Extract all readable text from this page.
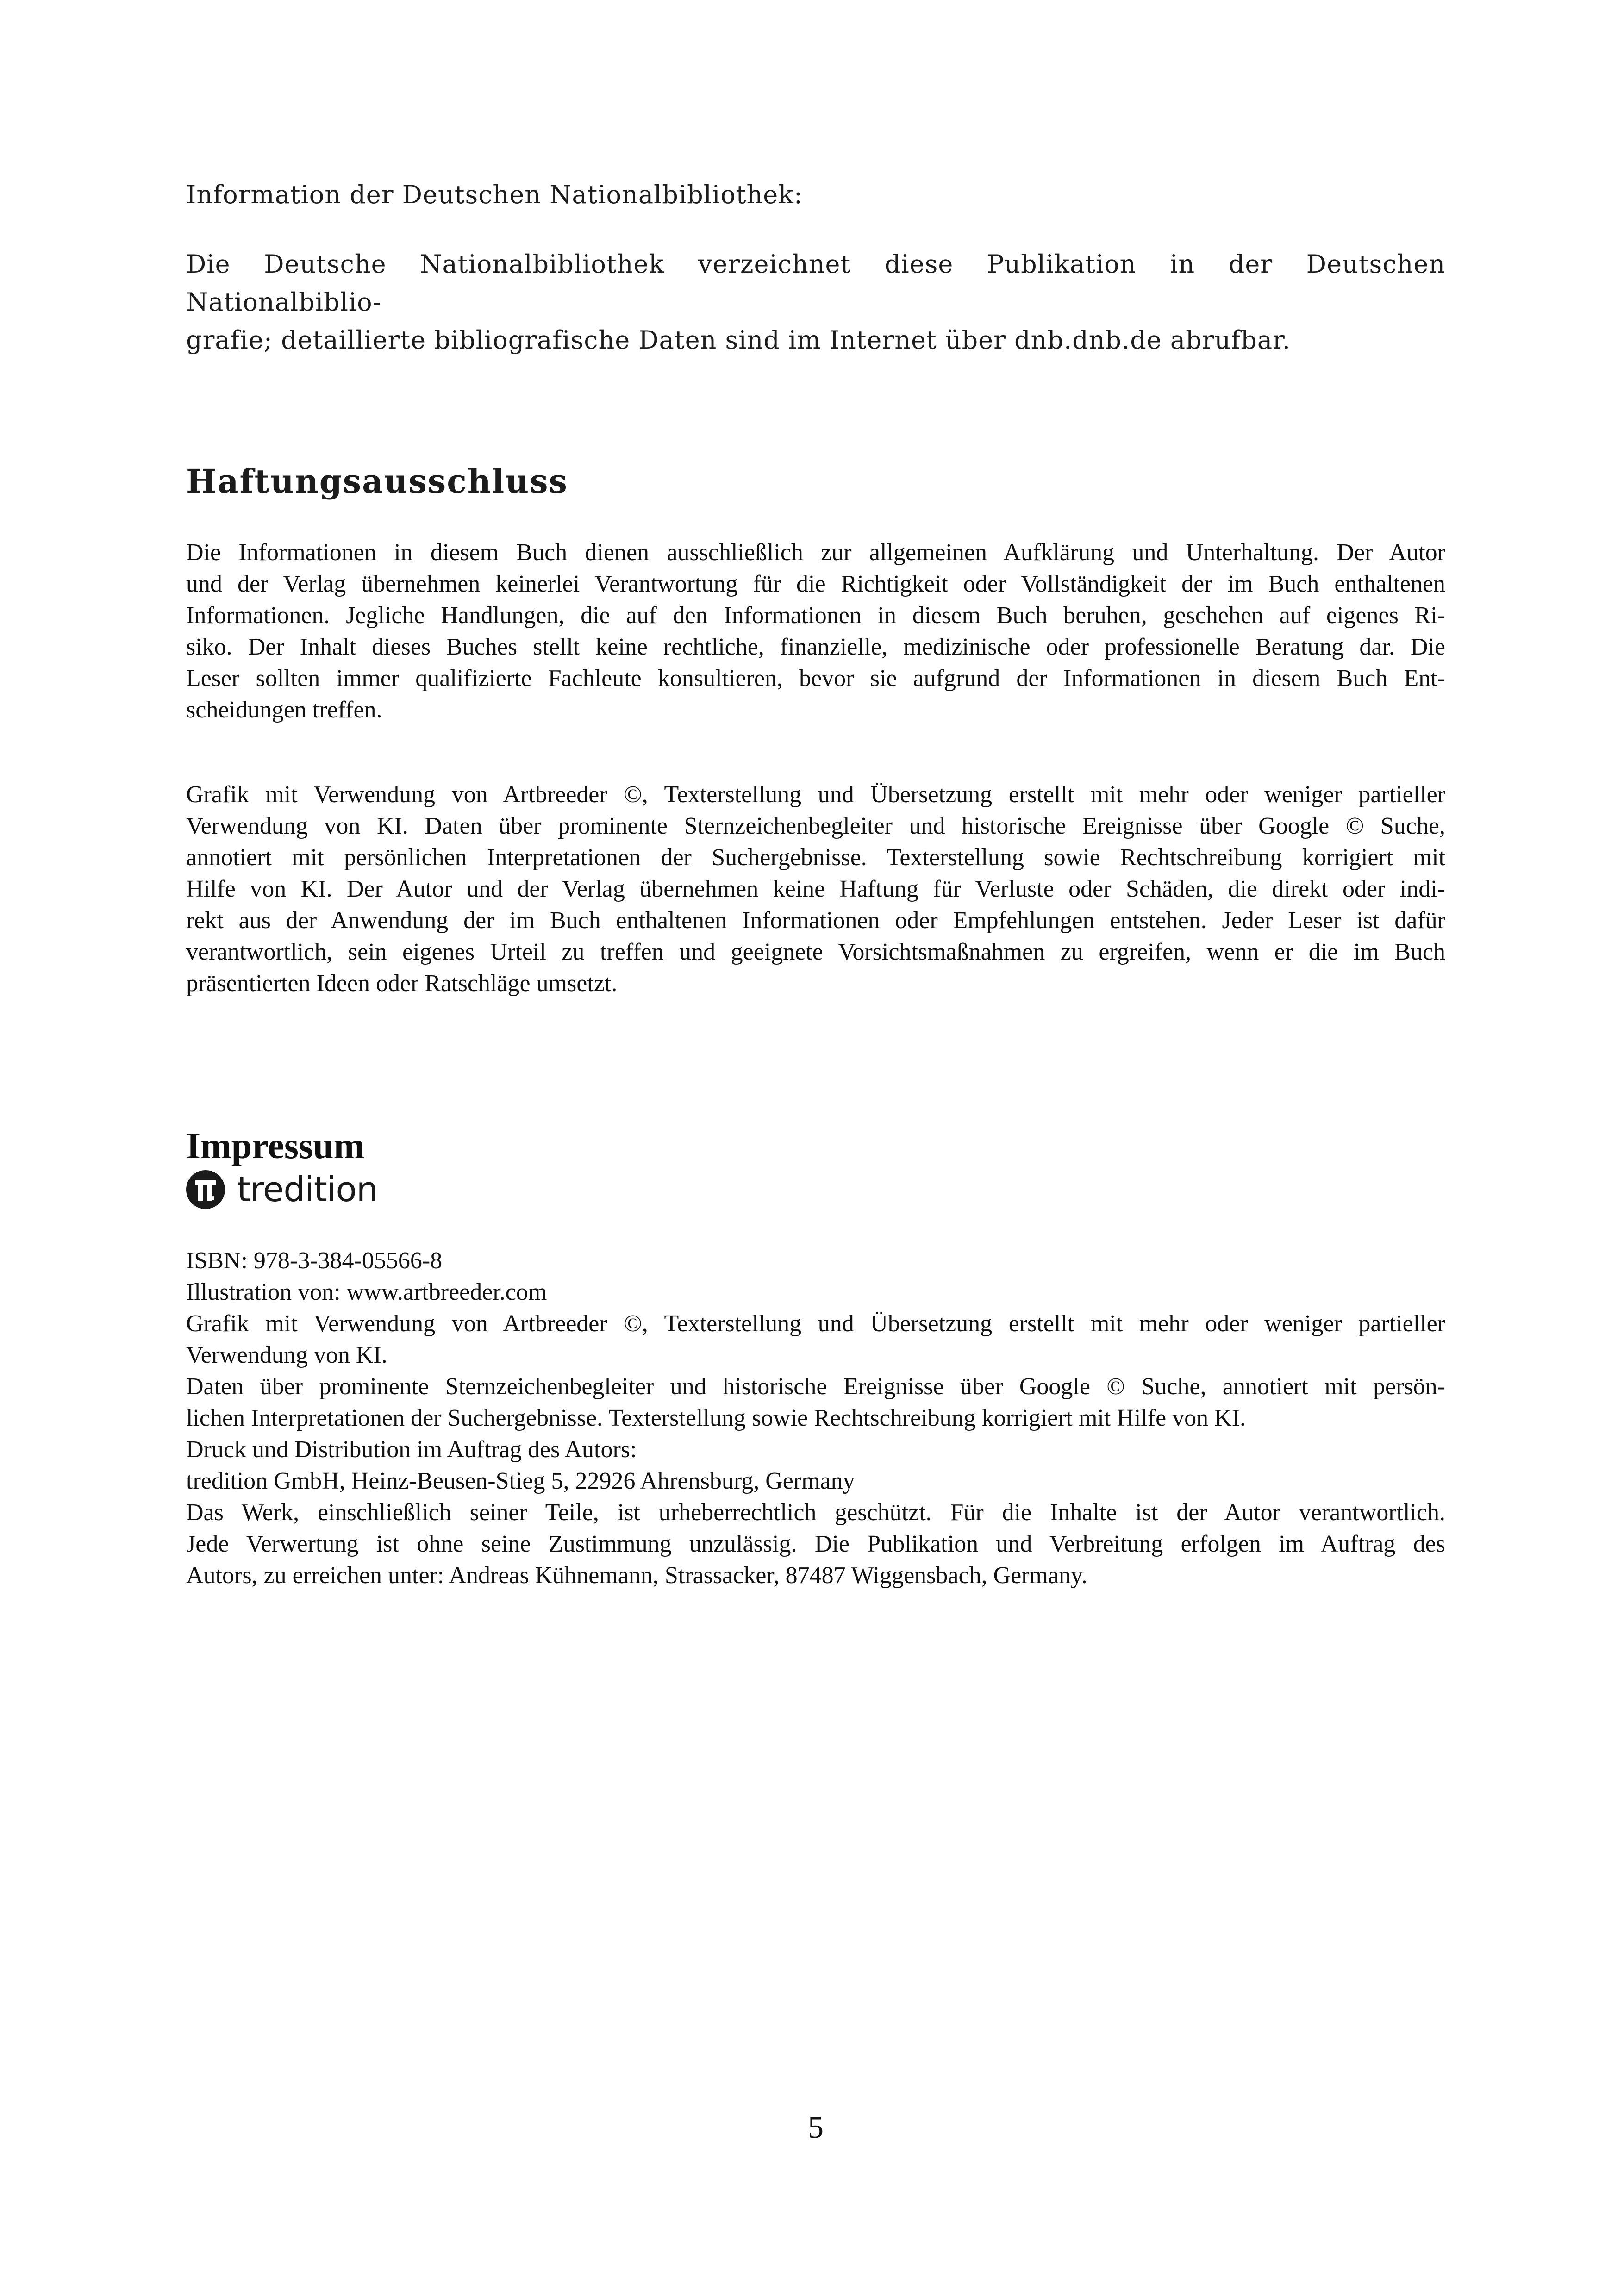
Information der Deutschen Nationalbibliothek:

Die Deutsche Nationalbibliothek verzeichnet diese Publikation in der Deutschen Nationalbiblio-
grafie; detaillierte bibliografische Daten sind im Internet über dnb.dnb.de abrufbar.

Haftungsausschluss

Die Informationen in diesem Buch dienen ausschließlich zur allgemeinen Aufklärung und Unterhaltung. Der Autor
und der Verlag übernehmen keinerlei Verantwortung für die Richtigkeit oder Vollständigkeit der im Buch enthaltenen
Informationen. Jegliche Handlungen, die auf den Informationen in diesem Buch beruhen, geschehen auf eigenes Ri-
siko. Der Inhalt dieses Buches stellt keine rechtliche, finanzielle, medizinische oder professionelle Beratung dar. Die
Leser sollten immer qualifizierte Fachleute konsultieren, bevor sie aufgrund der Informationen in diesem Buch Ent-
scheidungen treffen.

Grafik mit Verwendung von Artbreeder ©, Texterstellung und Übersetzung erstellt mit mehr oder weniger partieller
Verwendung von KI. Daten über prominente Sternzeichenbegleiter und historische Ereignisse über Google © Suche,
annotiert mit persönlichen Interpretationen der Suchergebnisse. Texterstellung sowie Rechtschreibung korrigiert mit
Hilfe von KI. Der Autor und der Verlag übernehmen keine Haftung für Verluste oder Schäden, die direkt oder indi-
rekt aus der Anwendung der im Buch enthaltenen Informationen oder Empfehlungen entstehen. Jeder Leser ist dafür
verantwortlich, sein eigenes Urteil zu treffen und geeignete Vorsichtsmaßnahmen zu ergreifen, wenn er die im Buch
präsentierten Ideen oder Ratschläge umsetzt.

Impressum
tredition
ISBN: 978-3-384-05566-8
Illustration von: www.artbreeder.com
Grafik mit Verwendung von Artbreeder ©, Texterstellung und Übersetzung erstellt mit mehr oder weniger partieller
Verwendung von KI.
Daten über prominente Sternzeichenbegleiter und historische Ereignisse über Google © Suche, annotiert mit persön-
lichen Interpretationen der Suchergebnisse. Texterstellung sowie Rechtschreibung korrigiert mit Hilfe von KI.
Druck und Distribution im Auftrag des Autors:
tredition GmbH, Heinz-Beusen-Stieg 5, 22926 Ahrensburg, Germany
Das Werk, einschließlich seiner Teile, ist urheberrechtlich geschützt. Für die Inhalte ist der Autor verantwortlich.
Jede Verwertung ist ohne seine Zustimmung unzulässig. Die Publikation und Verbreitung erfolgen im Auftrag des
Autors, zu erreichen unter: Andreas Kühnemann, Strassacker, 87487 Wiggensbach, Germany.

5
